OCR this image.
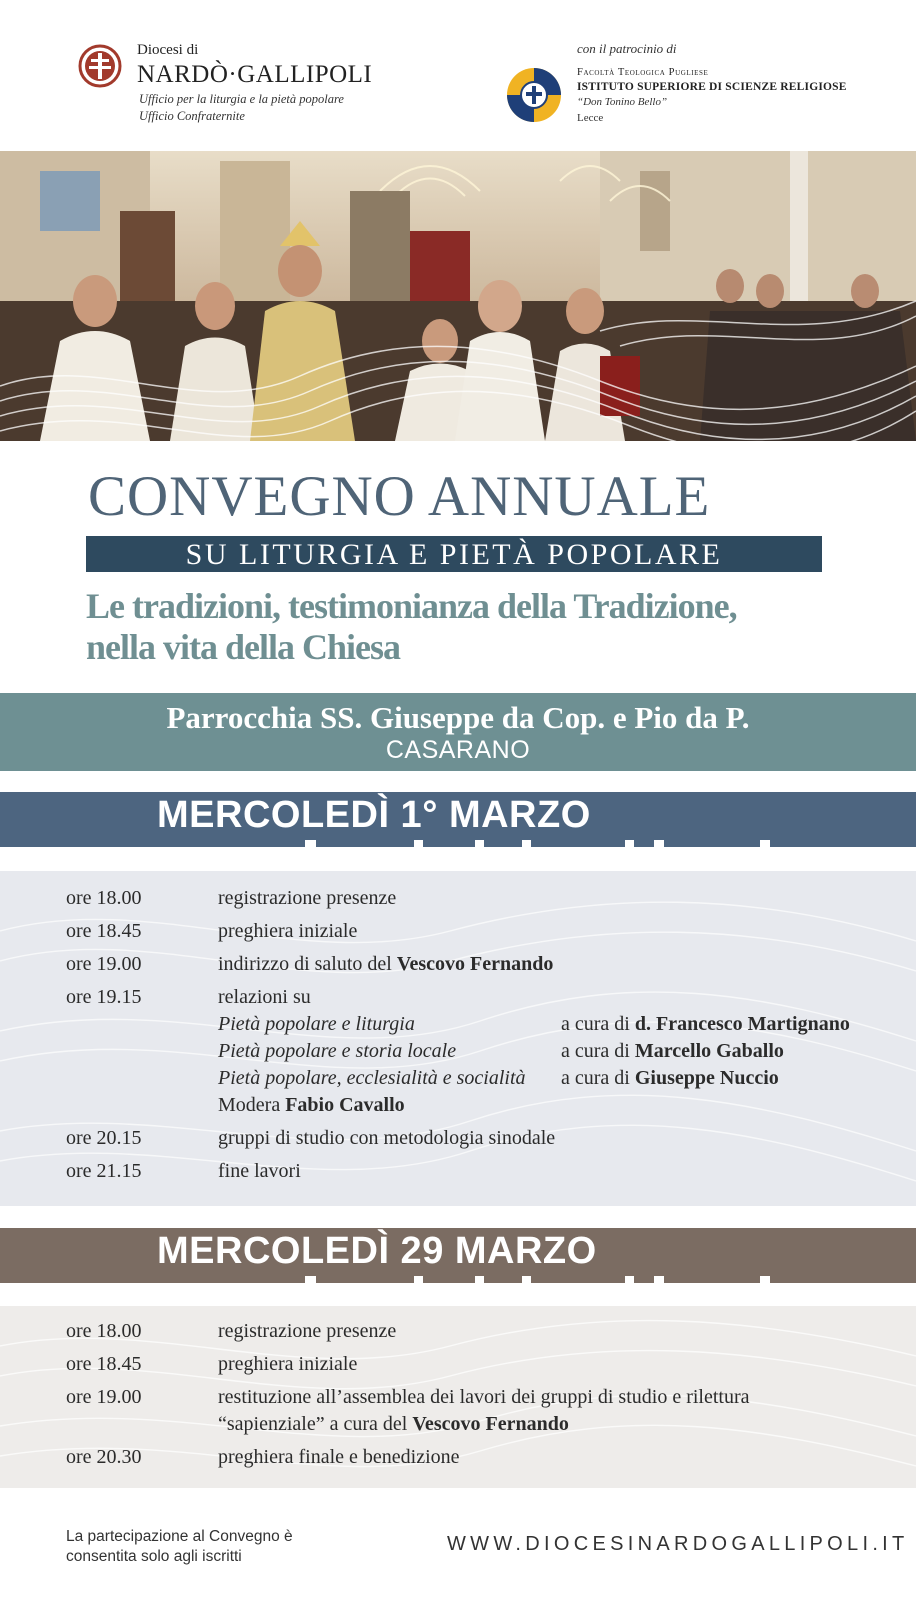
Diocesi di
NARDÒ·GALLIPOLI
Ufficio per la liturgia e la pietà popolare
Ufficio Confraternite
con il patrocinio di
Facoltà Teologica Pugliese
ISTITUTO SUPERIORE DI SCIENZE RELIGIOSE
“Don Tonino Bello”
Lecce
CONVEGNO ANNUALE
SU LITURGIA E PIETÀ POPOLARE
Le tradizioni, testimonianza della Tradizione,
nella vita della Chiesa
Parrocchia SS. Giuseppe da Cop. e Pio da P.
CASARANO
MERCOLEDÌ 1° MARZO
ore 18.00	registrazione presenze
ore 18.45	preghiera iniziale
ore 19.00	indirizzo di saluto del Vescovo Fernando
ore 19.15	relazioni su
Pietà popolare e liturgia	a cura di d. Francesco Martignano
Pietà popolare e storia locale	a cura di Marcello Gaballo
Pietà popolare, ecclesialità e socialità a cura di Giuseppe Nuccio
Modera Fabio Cavallo
ore 20.15	gruppi di studio con metodologia sinodale
ore 21.15	fine lavori
MERCOLEDÌ 29 MARZO
ore 18.00	registrazione presenze
ore 18.45	preghiera iniziale
ore 19.00	restituzione all’assemblea dei lavori dei gruppi di studio e rilettura
“sapienziale” a cura del Vescovo Fernando
ore 20.30	preghiera finale e benedizione
La partecipazione al Convegno è
consentita solo agli iscritti
WWW.DIOCESINARDOGALLIPOLI.IT
